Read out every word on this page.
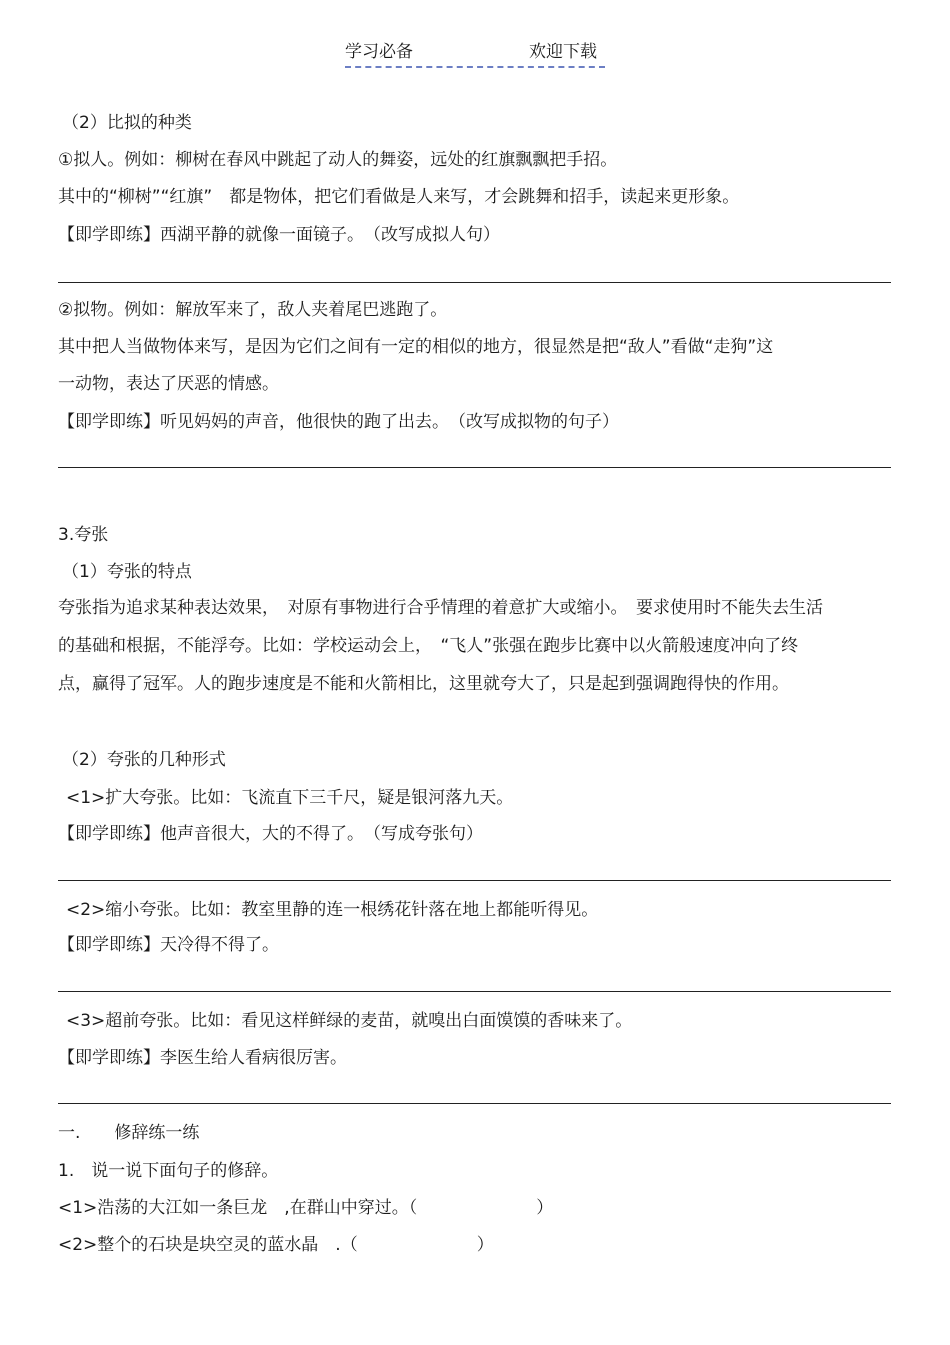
学习必备	欢迎下载
（2）比拟的种类
①拟人。例如：柳树在春风中跳起了动人的舞姿，远处的红旗飘飘把手招。
其中的“柳树”“红旗”　都是物体，把它们看做是人来写，才会跳舞和招手，读起来更形象。
【即学即练】西湖平静的就像一面镜子。　（改写成拟人句）
②拟物。例如：解放军来了，敌人夹着尾巴逃跑了。
其中把人当做物体来写，是因为它们之间有一定的相似的地方，很显然是把“敌人”看做“走狗”这
一动物，表达了厌恶的情感。
【即学即练】听见妈妈的声音，他很快的跑了出去。　（改写成拟物的句子）
3.夸张
（1）夸张的特点
夸张指为追求某种表达效果，　对原有事物进行合乎情理的着意扩大或缩小。　要求使用时不能失去生活
的基础和根据，不能浮夸。比如：学校运动会上，　“飞人”张强在跑步比赛中以火箭般速度冲向了终
点，赢得了冠军。人的跑步速度是不能和火箭相比，这里就夸大了，只是起到强调跑得快的作用。
（2）夸张的几种形式
<1>扩大夸张。比如：飞流直下三千尺，疑是银河落九天。
【即学即练】他声音很大，大的不得了。　（写成夸张句）
<2>缩小夸张。比如：教室里静的连一根绣花针落在地上都能听得见。
【即学即练】天冷得不得了。
<3>超前夸张。比如：看见这样鲜绿的麦苗，就嗅出白面馍馍的香味来了。
【即学即练】李医生给人看病很厉害。
一.　　修辞练一练
1.　说一说下面句子的修辞。
<1>浩荡的大江如一条巨龙　,在群山中穿过。（　　　　　　　）
<2>整个的石块是块空灵的蓝水晶　.（　　　　　　　）
